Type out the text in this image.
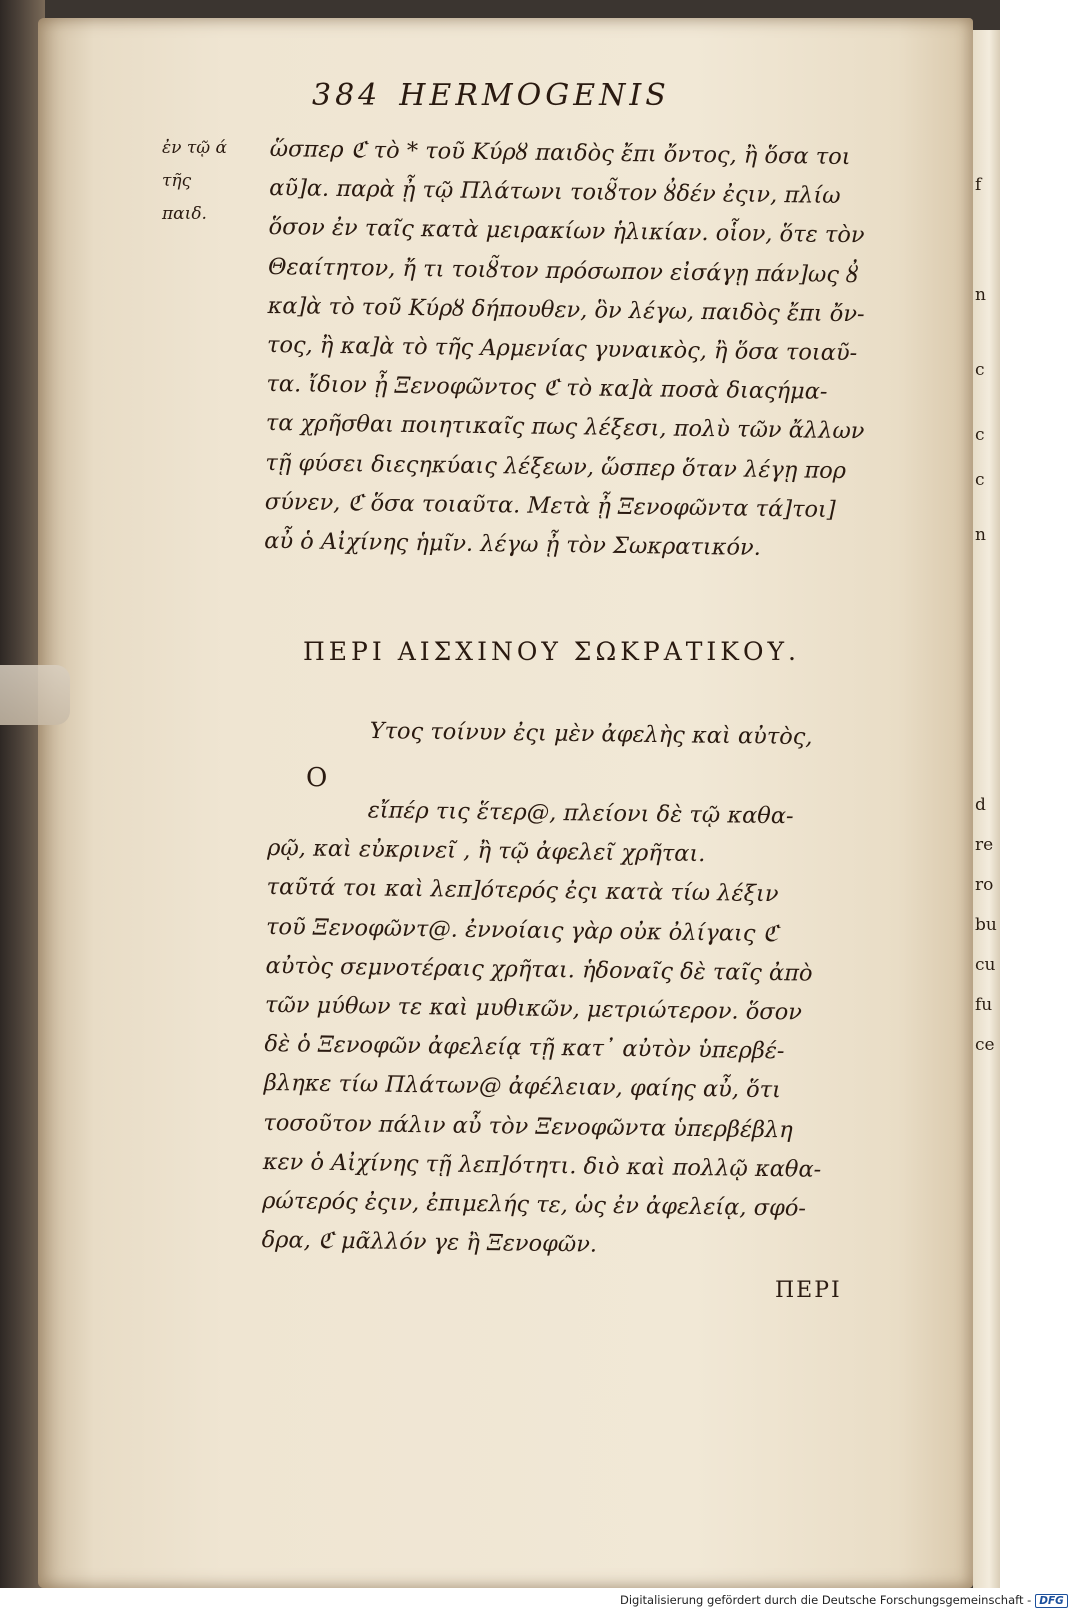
f
n
c
c
c
n
d
re
ro
bu
cu
fu
ce
384 HERMOGENIS
ἐν τῷ ά
τῆς
παιδ.
ὥσπερ ℭ τὸ * τοῦ Κύρȣ παιδὸς ἔπι ὄντος, ἢ ὅσα τοι
αῦ]α. παρὰ ᾖ τῷ Πλάτωνι τοιȣ̃τον ȣ̓δέν ἐςιν, πλίω
ὅσον ἐν ταῖς κατὰ μειρακίων ἡλικίαν. οἷον, ὅτε τὸν
Θεαίτητον, ἤ τι τοιȣ̃τον πρόσωπον εἰσάγῃ πάν]ως ȣ̓
κα]ὰ τὸ τοῦ Κύρȣ δήπουθεν, ὃν λέγω, παιδὸς ἔπι ὄν-
τος, ἢ κα]ὰ τὸ τῆς Αρμενίας γυναικὸς, ἢ ὅσα τοιαῦ-
τα. ἴδιον ᾖ Ξενοφῶντος ℭ τὸ κα]ὰ ποσὰ διαςήμα-
τα χρῆσθαι ποιητικαῖς πως λέξεσι, πολὺ τῶν ἄλλων
τῇ φύσει διεςηκύαις λέξεων, ὥσπερ ὅταν λέγῃ πορ
σύνεν, ℭ ὅσα τοιαῦτα. Μετὰ ᾖ Ξενοφῶντα τά]τοι]
αὖ ὁ Αἰχίνης ἡμῖν. λέγω ᾖ τὸν Σωκρατικόν.
ΠΕΡΙ ΑΙΣΧΙΝΟΥ ΣΩΚΡΑΤΙΚΟΥ.
Ο
Υτος τοίνυν ἐςι μὲν ἀφελὴς καὶ αὐτὸς,
εἴπέρ τις ἕτερ@, πλείονι δὲ τῷ καθα-
ρῷ, καὶ εὐκρινεῖ , ἢ τῷ ἀφελεῖ χρῆται.
ταῦτά τοι καὶ λεπ]ότερός ἐςι κατὰ τίω λέξιν
τοῦ Ξενοφῶντ@. ἐννοίαις γὰρ οὐκ ὀλίγαις ℭ
αὐτὸς σεμνοτέραις χρῆται. ἡδοναῖς δὲ ταῖς ἀπὸ
τῶν μύθων τε καὶ μυθικῶν, μετριώτερον. ὅσον
δὲ ὁ Ξενοφῶν ἀφελείᾳ τῇ κατ᾽ αὐτὸν ὑπερβέ-
βληκε τίω Πλάτων@ ἀφέλειαν, φαίης αὖ, ὅτι
τοσοῦτον πάλιν αὖ τὸν Ξενοφῶντα ὑπερβέβλη
κεν ὁ Αἰχίνης τῇ λεπ]ότητι. διὸ καὶ πολλῷ καθα-
ρώτερός ἐςιν, ἐπιμελής τε, ὡς ἐν ἀφελείᾳ, σφό-
δρα, ℭ μᾶλλόν γε ἢ Ξενοφῶν.
ΠΕΡΙ
Digitalisierung gefördert durch die Deutsche Forschungsgemeinschaft - DFG
